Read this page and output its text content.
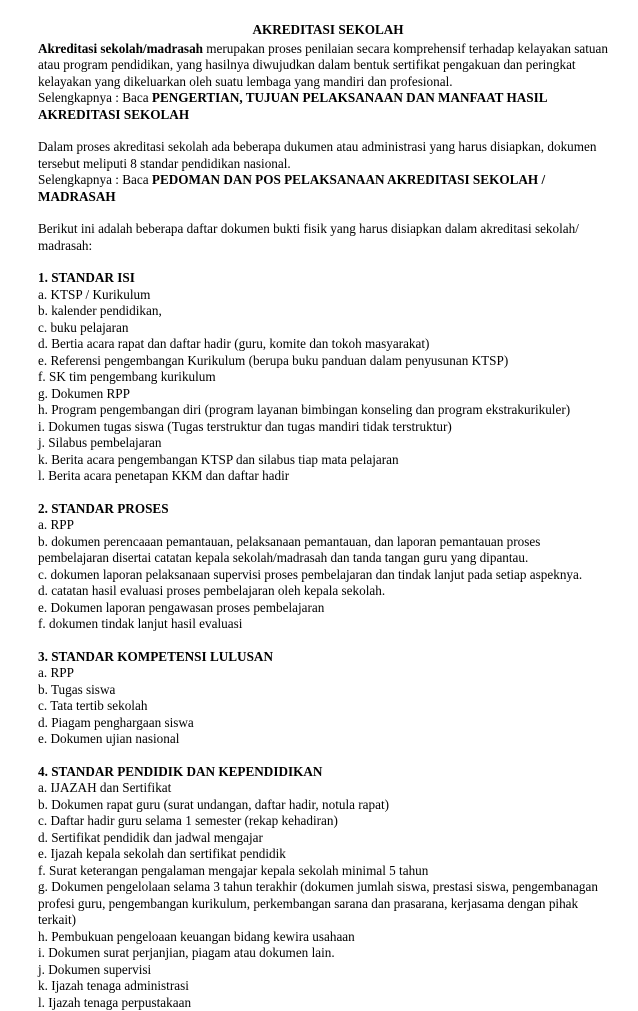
AKREDITASI SEKOLAH

Akreditasi sekolah/madrasah merupakan proses penilaian secara komprehensif terhadap kelayakan satuan atau program pendidikan, yang hasilnya diwujudkan dalam bentuk sertifikat pengakuan dan peringkat kelayakan yang dikeluarkan oleh suatu lembaga yang mandiri dan profesional.

Selengkapnya : Baca PENGERTIAN, TUJUAN PELAKSANAAN DAN MANFAAT HASIL AKREDITASI SEKOLAH

Dalam proses akreditasi sekolah ada beberapa dukumen atau administrasi yang harus disiapkan, dokumen tersebut meliputi 8 standar pendidikan nasional.

Selengkapnya : Baca PEDOMAN DAN POS PELAKSANAAN AKREDITASI SEKOLAH / MADRASAH

Berikut ini adalah beberapa daftar dokumen bukti fisik yang harus disiapkan dalam akreditasi sekolah/ madrasah:

1. STANDAR ISI
a. KTSP / Kurikulum
b. kalender pendidikan,
c. buku pelajaran
d. Bertia acara rapat dan daftar hadir (guru, komite dan tokoh masyarakat)
e. Referensi pengembangan Kurikulum (berupa buku panduan dalam penyusunan KTSP)
f. SK tim pengembang kurikulum
g. Dokumen RPP
h. Program pengembangan diri (program layanan bimbingan konseling dan program ekstrakurikuler)
i. Dokumen tugas siswa (Tugas terstruktur dan tugas mandiri tidak terstruktur)
j. Silabus pembelajaran
k. Berita acara pengembangan KTSP dan silabus tiap mata pelajaran
l. Berita acara penetapan KKM dan daftar hadir
2. STANDAR PROSES
a. RPP
b. dokumen perencaaan pemantauan, pelaksanaan pemantauan, dan laporan pemantauan proses pembelajaran disertai catatan kepala sekolah/madrasah dan tanda tangan guru yang dipantau.
c. dokumen laporan pelaksanaan supervisi proses pembelajaran dan tindak lanjut pada setiap aspeknya.
d. catatan hasil evaluasi proses pembelajaran oleh kepala sekolah.
e. Dokumen laporan pengawasan proses pembelajaran
f. dokumen tindak lanjut hasil evaluasi
3. STANDAR KOMPETENSI LULUSAN
a. RPP
b. Tugas siswa
c. Tata tertib sekolah
d. Piagam penghargaan siswa
e. Dokumen ujian nasional
4. STANDAR PENDIDIK DAN KEPENDIDIKAN
a. IJAZAH dan Sertifikat
b. Dokumen rapat guru (surat undangan, daftar hadir, notula rapat)
c. Daftar hadir guru selama 1 semester (rekap kehadiran)
d. Sertifikat pendidik dan jadwal mengajar
e. Ijazah kepala sekolah dan sertifikat pendidik
f. Surat keterangan pengalaman mengajar kepala sekolah minimal 5 tahun
g. Dokumen pengelolaan selama 3 tahun terakhir (dokumen jumlah siswa, prestasi siswa, pengembanagan profesi guru, pengembangan kurikulum, perkembangan sarana dan prasarana, kerjasama dengan pihak terkait)
h. Pembukuan pengeloaan keuangan bidang kewira usahaan
i. Dokumen surat perjanjian, piagam atau dokumen lain.
j. Dokumen supervisi
k. Ijazah tenaga administrasi
l. Ijazah tenaga perpustakaan
